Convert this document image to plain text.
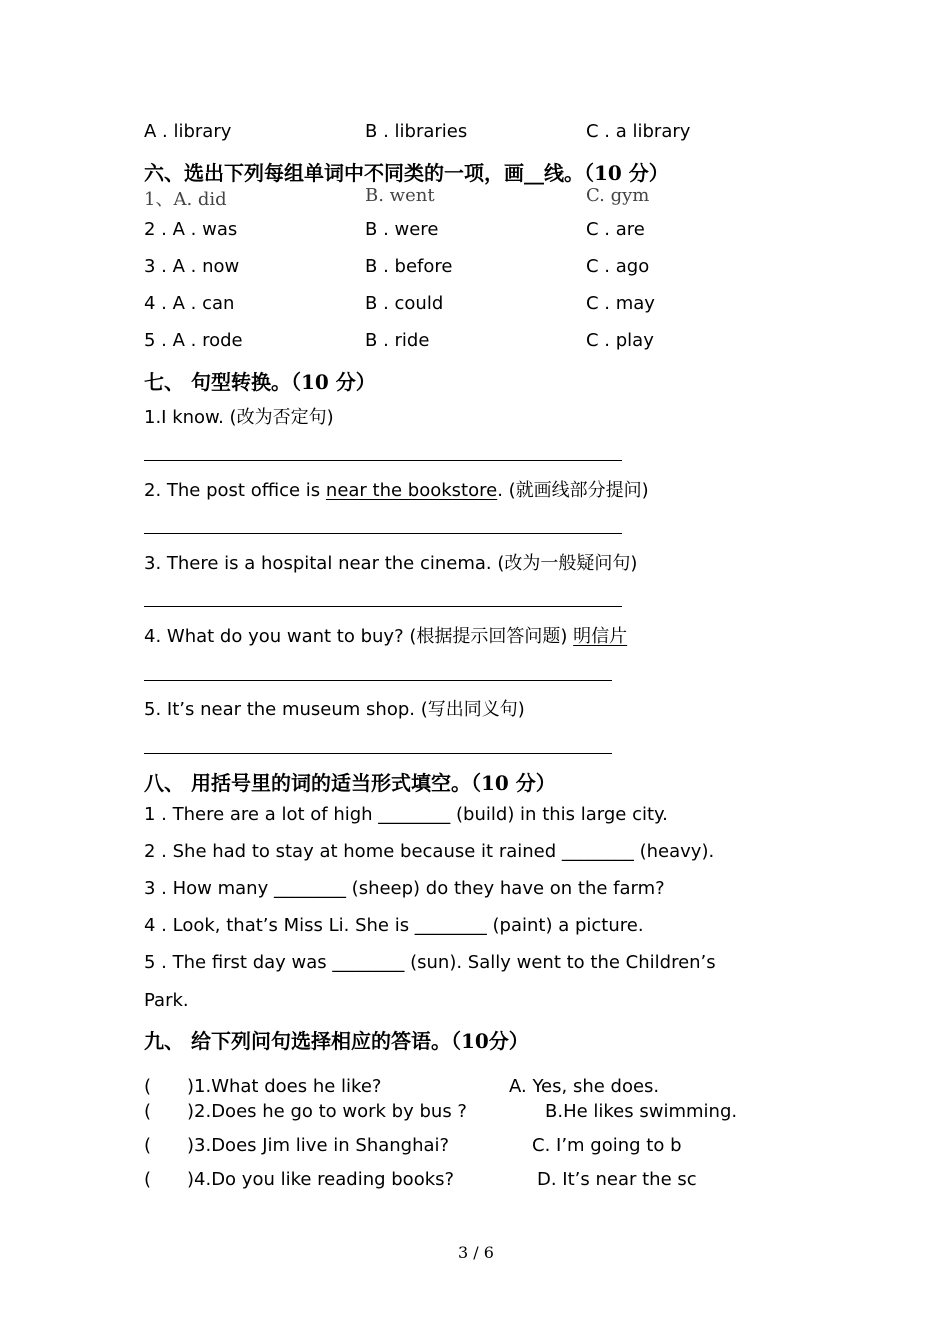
A . library	B . libraries	C . a library
六、选出下列每组单词中不同类的一项，画__线。（10 分）
1、A. did	B. went	C. gym
2 . A . was	B . were	C . are
3 . A . now	B . before	C . ago
4 . A . can	B . could	C . may
5 . A . rode	B . ride	C . play
七、 句型转换。（10 分）
1.I know. (改为否定句)
2. The post office is near the bookstore. (就画线部分提问)
3. There is a hospital near the cinema. (改为一般疑问句)
4. What do you want to buy? (根据提示回答问题) 明信片
5. It’s near the museum shop. (写出同义句)
八、 用括号里的词的适当形式填空。（10 分）
1 . There are a lot of high ________ (build) in this large city.
2 . She had to stay at home because it rained ________ (heavy).
3 . How many ________ (sheep) do they have on the farm?
4 . Look, that’s Miss Li. She is ________ (paint) a picture.
5 . The first day was ________ (sun). Sally went to the Children’s
Park.
九、 给下列问句选择相应的答语。（10分）
( )1.What does he like?	A. Yes, she does.
( )2.Does he go to work by bus ?	B.He likes swimming.
( )3.Does Jim live in Shanghai?	C. I’m going to b
( )4.Do you like reading books?	D. It’s near the sc
3 / 6
